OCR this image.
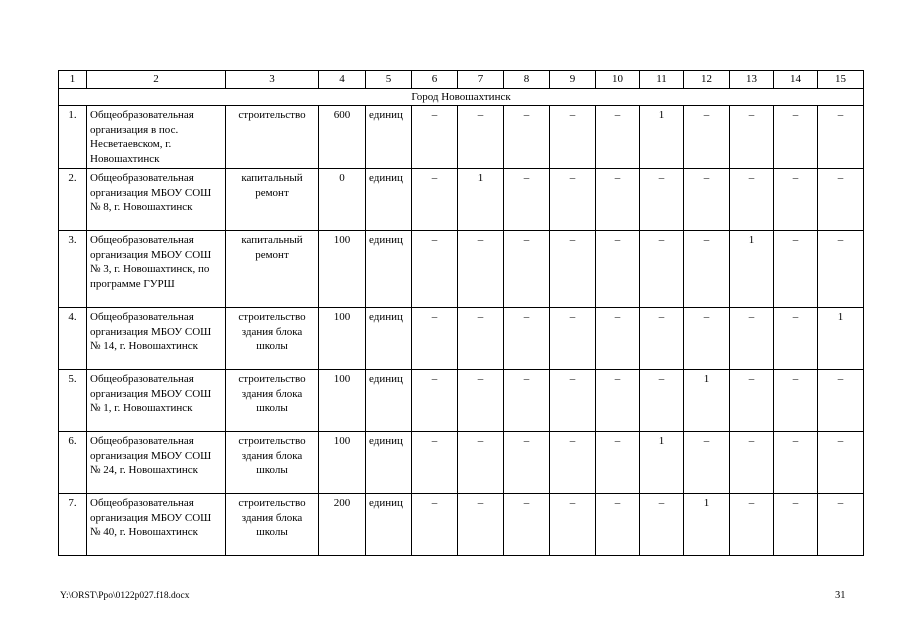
1	2	3	4	5	6	7	8	9	10	11	12	13	14	15
Город Новошахтинск														
1.	Общеобразовательная организация в пос. Несветаевском, г. Новошахтинск	строительство	600	единиц	–	–	–	–	–	1	–	–	–	–
2.	Общеобразовательная организация МБОУ СОШ № 8, г. Новошахтинск	капитальный ремонт	0	единиц	–	1	–	–	–	–	–	–	–	–
3.	Общеобразовательная организация МБОУ СОШ № 3, г. Новошахтинск, по программе ГУРШ	капитальный ремонт	100	единиц	–	–	–	–	–	–	–	1	–	–
4.	Общеобразовательная организация МБОУ СОШ № 14, г. Новошахтинск	строительство здания блока школы	100	единиц	–	–	–	–	–	–	–	–	–	1
5.	Общеобразовательная организация МБОУ СОШ № 1, г. Новошахтинск	строительство здания блока школы	100	единиц	–	–	–	–	–	–	1	–	–	–
6.	Общеобразовательная организация МБОУ СОШ № 24, г. Новошахтинск	строительство здания блока школы	100	единиц	–	–	–	–	–	1	–	–	–	–
7.	Общеобразовательная организация МБОУ СОШ № 40, г. Новошахтинск	строительство здания блока школы	200	единиц	–	–	–	–	–	–	1	–	–	–
Y:\ORST\Ppo\0122p027.f18.docx	31
